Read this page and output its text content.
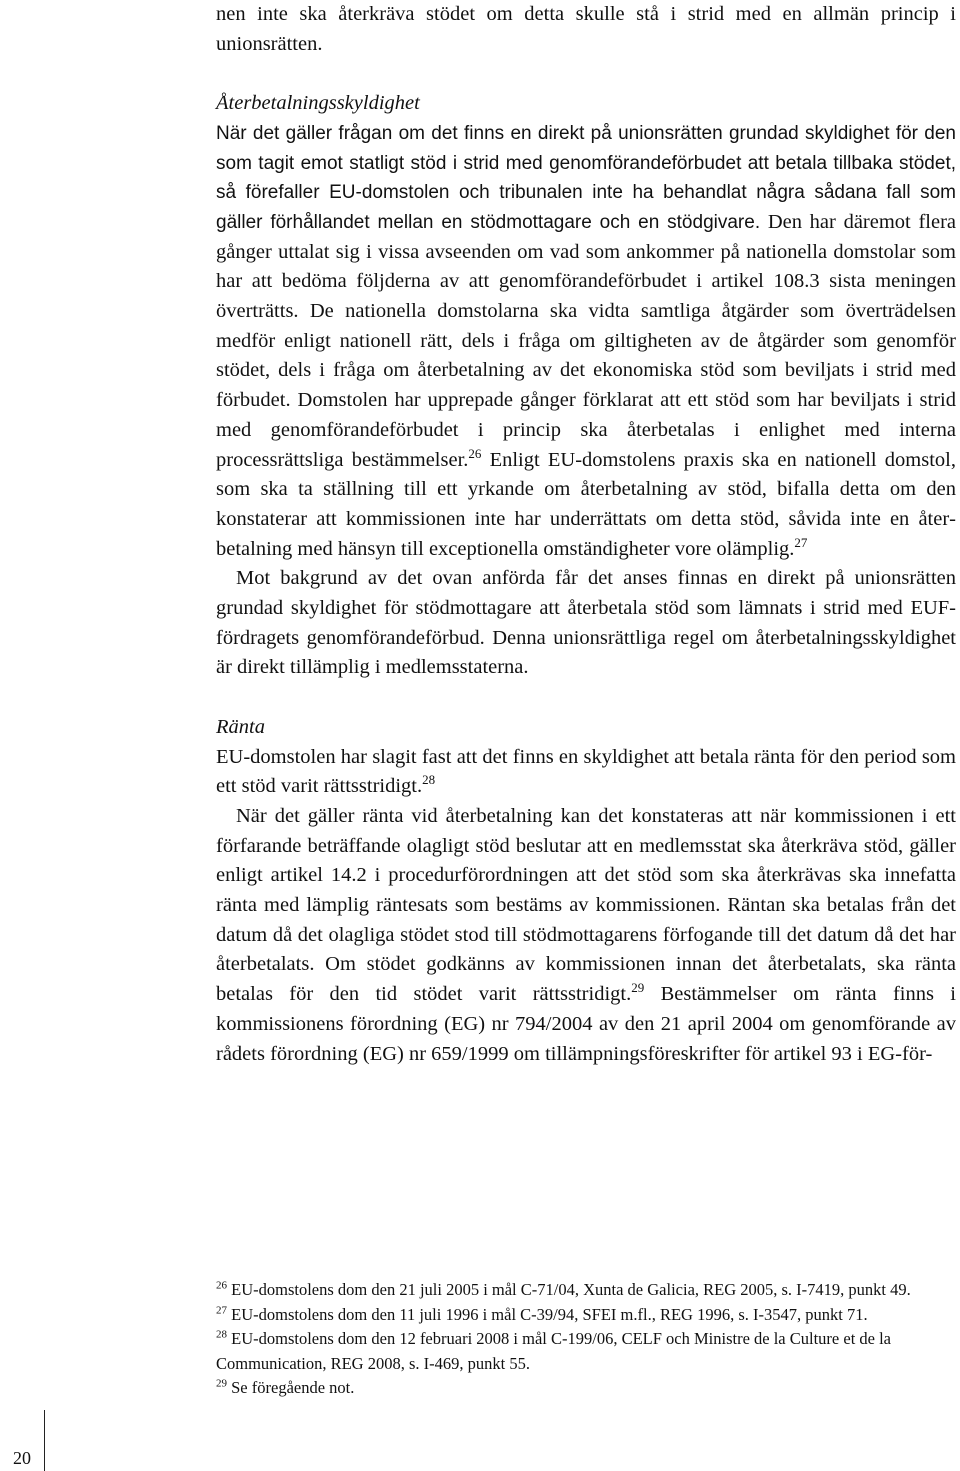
nen inte ska återkräva stödet om detta skulle stå i strid med en allmän princip i unionsrätten.

Återbetalningsskyldighet

När det gäller frågan om det finns en direkt på unionsrätten grundad skyldighet för den som tagit emot statligt stöd i strid med genomförandeförbudet att betala tillbaka stödet, så förefaller EU-domstolen och tribunalen inte ha behandlat några sådana fall som gäller förhållandet mellan en stödmottagare och en stödgivare. Den har däremot flera gånger uttalat sig i vissa avseenden om vad som ankommer på nationella domstolar som har att bedöma följderna av att genomförandeförbudet i artikel 108.3 sista meningen överträtts. De nationella domstolarna ska vidta samtliga åtgärder som överträdelsen medför enligt nationell rätt, dels i fråga om giltigheten av de åtgärder som genomför stödet, dels i fråga om återbetalning av det ekonomiska stöd som beviljats i strid med förbudet. Domstolen har upprepade gånger förklarat att ett stöd som har beviljats i strid med genomförandeförbudet i princip ska återbetalas i enlighet med interna processrättsliga bestämmelser.$^{26}$ Enligt EU-domstolens praxis ska en nationell domstol, som ska ta ställning till ett yrkande om återbetalning av stöd, bifalla detta om den konstaterar att kommissionen inte har underrättats om detta stöd, såvida inte en återbetalning med hänsyn till exceptionella omständigheter vore olämplig.$^{27}$

Mot bakgrund av det ovan anförda får det anses finnas en direkt på unionsrätten grundad skyldighet för stödmottagare att återbetala stöd som lämnats i strid med EUF-fördragets genomförandeförbud. Denna unionsrättliga regel om återbetalningsskyldighet är direkt tillämplig i medlemsstaterna.

Ränta

EU-domstolen har slagit fast att det finns en skyldighet att betala ränta för den period som ett stöd varit rättsstridigt.$^{28}$

När det gäller ränta vid återbetalning kan det konstateras att när kommissionen i ett förfarande beträffande olagligt stöd beslutar att en medlemsstat ska återkräva stöd, gäller enligt artikel 14.2 i procedurförordningen att det stöd som ska återkrävas ska innefatta ränta med lämplig räntesats som bestäms av kommissionen. Räntan ska betalas från det datum då det olagliga stödet stod till stödmottagarens förfogande till det datum då det har återbetalats. Om stödet godkänns av kommissionen innan det återbetalats, ska ränta betalas för den tid stödet varit rättsstridigt.$^{29}$ Bestämmelser om ränta finns i kommissionens förordning (EG) nr 794/2004 av den 21 april 2004 om genomförande av rådets förordning (EG) nr 659/1999 om tillämpningsföreskrifter för artikel 93 i EG-för-

$^{26}$ EU-domstolens dom den 21 juli 2005 i mål C-71/04, Xunta de Galicia, REG 2005, s. I-7419, punkt 49.

$^{27}$ EU-domstolens dom den 11 juli 1996 i mål C-39/94, SFEI m.fl., REG 1996, s. I-3547, punkt 71.

$^{28}$ EU-domstolens dom den 12 februari 2008 i mål C-199/06, CELF och Ministre de la Culture et de la Communication, REG 2008, s. I-469, punkt 55.

$^{29}$ Se föregående not.

20
